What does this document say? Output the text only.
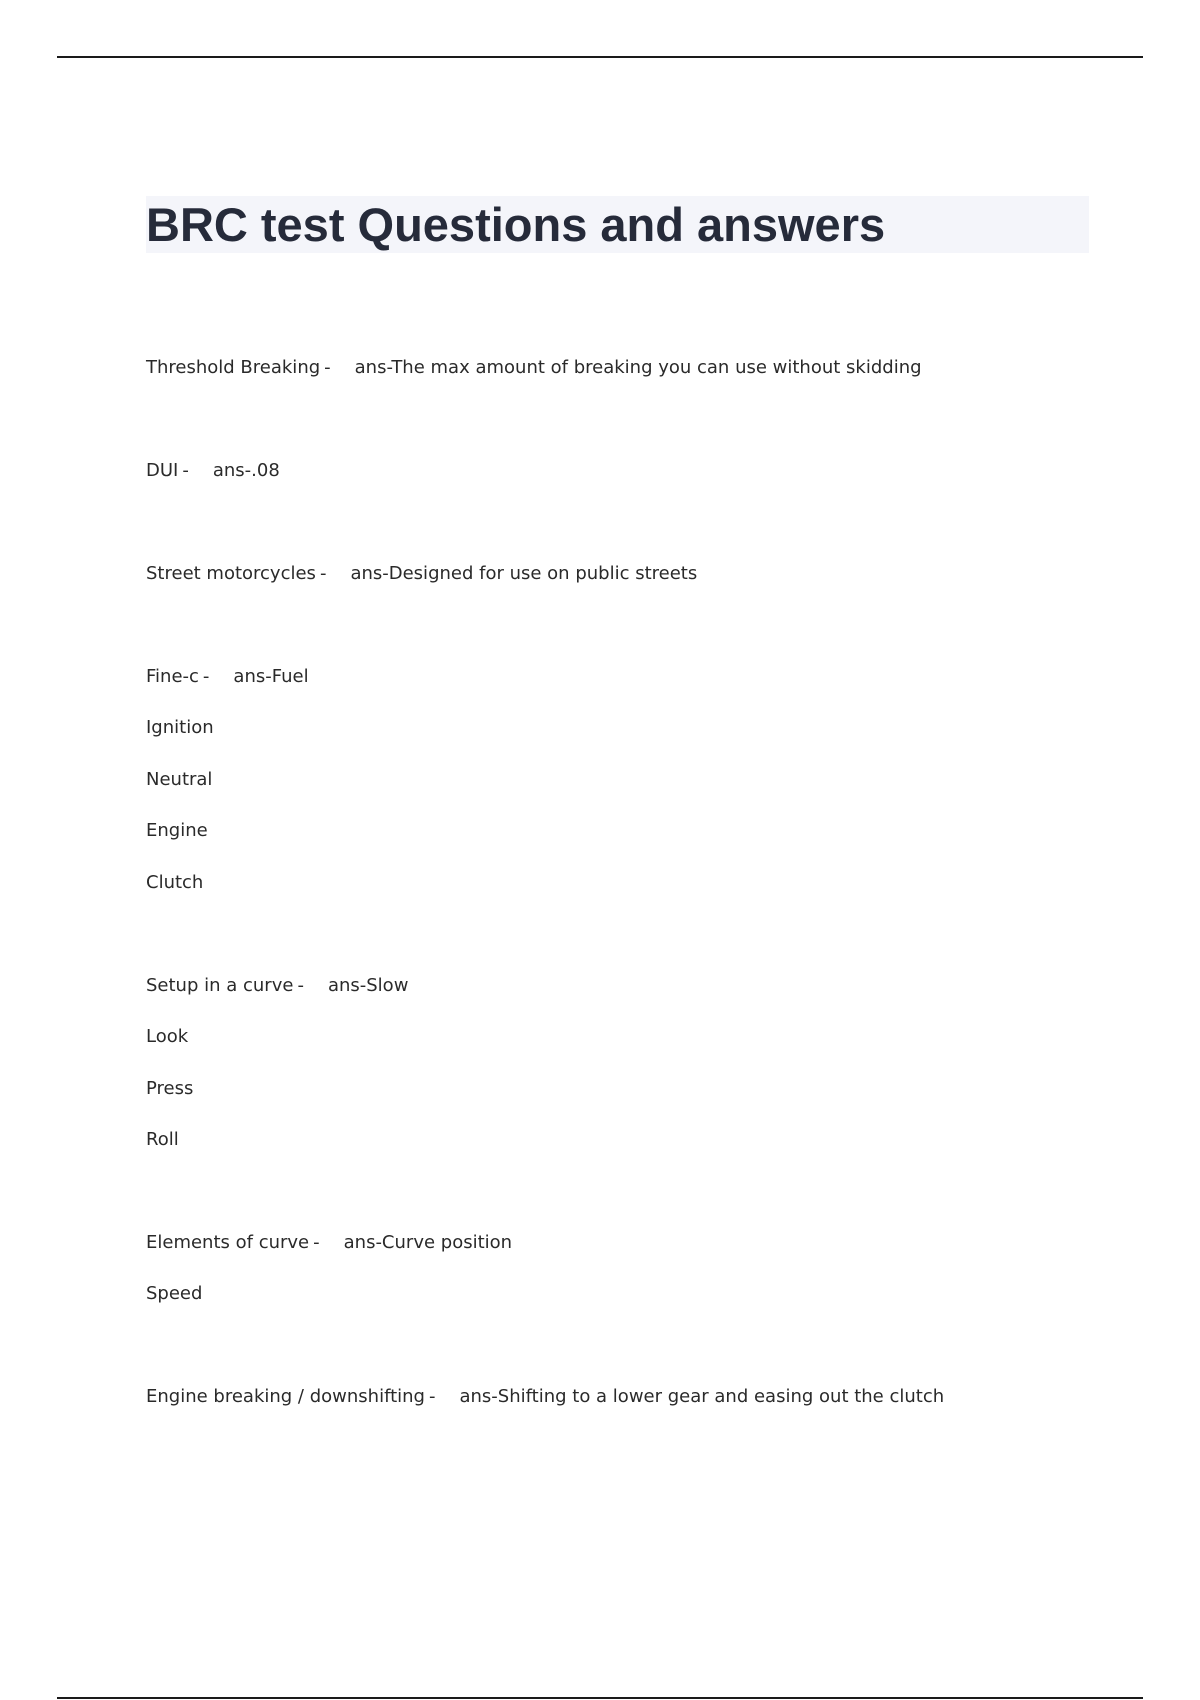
BRC test Questions and answers

Threshold Breaking - ans-The max amount of breaking you can use without skidding

DUI - ans-.08

Street motorcycles - ans-Designed for use on public streets

Fine-c - ans-Fuel

Ignition

Neutral

Engine

Clutch

Setup in a curve - ans-Slow

Look

Press

Roll

Elements of curve - ans-Curve position

Speed

Engine breaking / downshifting - ans-Shifting to a lower gear and easing out the clutch
